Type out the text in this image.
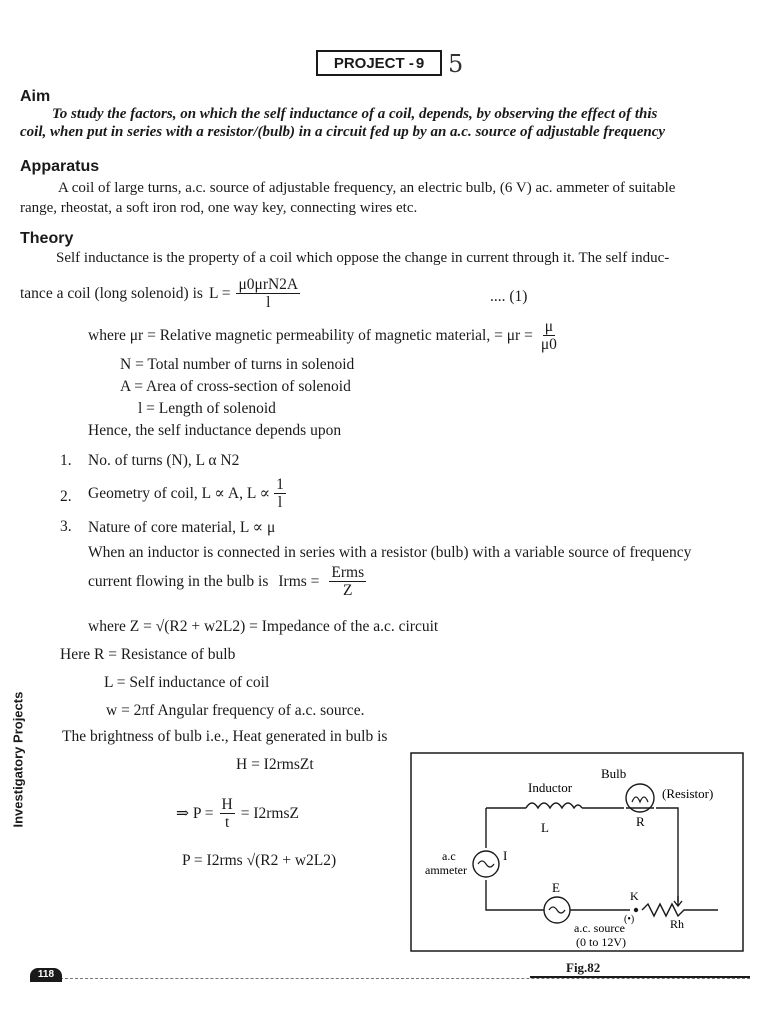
PROJECT - 9 5
Aim
To study the factors, on which the self inductance of a coil, depends, by observing the effect of this
coil, when put in series with a resistor/(bulb) in a circuit fed up by an a.c. source of adjustable frequency
Apparatus
A coil of large turns, a.c. source of adjustable frequency, an electric bulb, (6 V) ac. ammeter of suitable
range, rheostat, a soft iron rod, one way key, connecting wires etc.
Theory
Self inductance is the property of a coil which oppose the change in current through it. The self induc-
tance a coil (long solenoid) is $L = \frac{\text{μ0μrN2A}}{l}$	.... (1)
where μr = Relative magnetic permeability of magnetic material, = $\mu r = \frac{\mu}{\mu 0}$
N = Total number of turns in solenoid
A = Area of cross-section of solenoid
l = Length of solenoid
Hence, the self inductance depends upon
1. No. of turns (N), L α N2
2. Geometry of coil, L ∝ A, $L \propto \frac{1}{l}$
3. Nature of core material, L ∝ μ
When an inductor is connected in series with a resistor (bulb) with a variable source of frequency
current flowing in the bulb is Irms = $\frac{\text{Erms}}{Z}$
where Z = √(R2 + w2L2) = Impedance of the a.c. circuit
Here R = Resistance of bulb
L = Self inductance of coil
w = 2πf Angular frequency of a.c. source.
The brightness of bulb i.e., Heat generated in bulb is
H = I2rmsZt
⇒ $P = \frac{H}{t}$ = I2rmsZ
P = I2rms √(R2 + w2L2)
Bulb
Inductor	(Resistor)
L	R
a.c
ammeter
I
E
K
(•)	Rh
a.c. source
(0 to 12V)
Fig.82
Investigatory Projects
118
